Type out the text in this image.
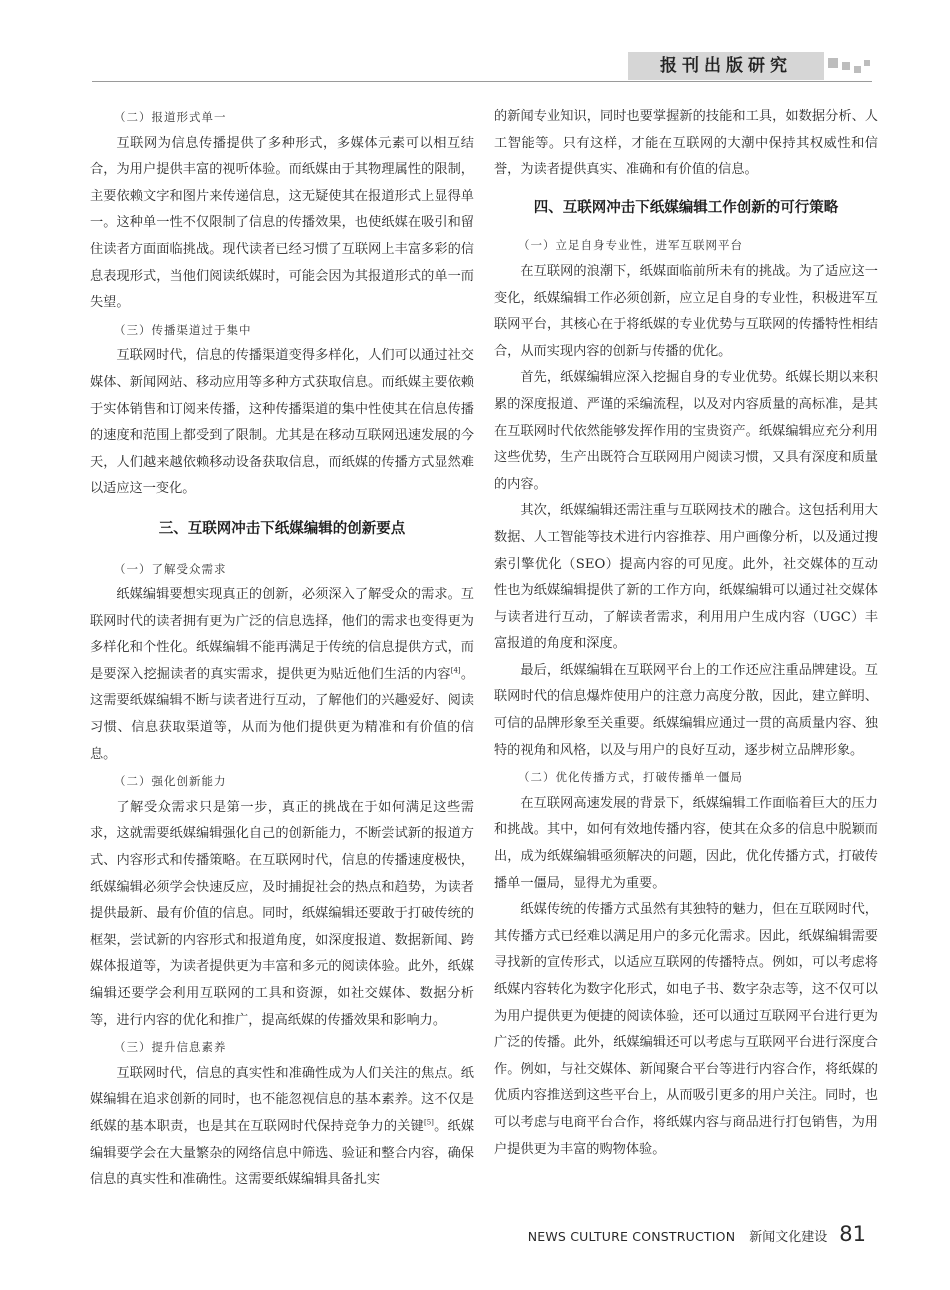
报刊出版研究

（二）报道形式单一

互联网为信息传播提供了多种形式，多媒体元素可以相互结合，为用户提供丰富的视听体验。而纸媒由于其物理属性的限制，主要依赖文字和图片来传递信息，这无疑使其在报道形式上显得单一。这种单一性不仅限制了信息的传播效果，也使纸媒在吸引和留住读者方面面临挑战。现代读者已经习惯了互联网上丰富多彩的信息表现形式，当他们阅读纸媒时，可能会因为其报道形式的单一而失望。

（三）传播渠道过于集中

互联网时代，信息的传播渠道变得多样化，人们可以通过社交媒体、新闻网站、移动应用等多种方式获取信息。而纸媒主要依赖于实体销售和订阅来传播，这种传播渠道的集中性使其在信息传播的速度和范围上都受到了限制。尤其是在移动互联网迅速发展的今天，人们越来越依赖移动设备获取信息，而纸媒的传播方式显然难以适应这一变化。

三、互联网冲击下纸媒编辑的创新要点

（一）了解受众需求

纸媒编辑要想实现真正的创新，必须深入了解受众的需求。互联网时代的读者拥有更为广泛的信息选择，他们的需求也变得更为多样化和个性化。纸媒编辑不能再满足于传统的信息提供方式，而是要深入挖掘读者的真实需求，提供更为贴近他们生活的内容[4]。这需要纸媒编辑不断与读者进行互动，了解他们的兴趣爱好、阅读习惯、信息获取渠道等，从而为他们提供更为精准和有价值的信息。

（二）强化创新能力

了解受众需求只是第一步，真正的挑战在于如何满足这些需求，这就需要纸媒编辑强化自己的创新能力，不断尝试新的报道方式、内容形式和传播策略。在互联网时代，信息的传播速度极快，纸媒编辑必须学会快速反应，及时捕捉社会的热点和趋势，为读者提供最新、最有价值的信息。同时，纸媒编辑还要敢于打破传统的框架，尝试新的内容形式和报道角度，如深度报道、数据新闻、跨媒体报道等，为读者提供更为丰富和多元的阅读体验。此外，纸媒编辑还要学会利用互联网的工具和资源，如社交媒体、数据分析等，进行内容的优化和推广，提高纸媒的传播效果和影响力。

（三）提升信息素养

互联网时代，信息的真实性和准确性成为人们关注的焦点。纸媒编辑在追求创新的同时，也不能忽视信息的基本素养。这不仅是纸媒的基本职责，也是其在互联网时代保持竞争力的关键[5]。纸媒编辑要学会在大量繁杂的网络信息中筛选、验证和整合内容，确保信息的真实性和准确性。这需要纸媒编辑具备扎实

的新闻专业知识，同时也要掌握新的技能和工具，如数据分析、人工智能等。只有这样，才能在互联网的大潮中保持其权威性和信誉，为读者提供真实、准确和有价值的信息。

四、互联网冲击下纸媒编辑工作创新的可行策略

（一）立足自身专业性，进军互联网平台

在互联网的浪潮下，纸媒面临前所未有的挑战。为了适应这一变化，纸媒编辑工作必须创新，应立足自身的专业性，积极进军互联网平台，其核心在于将纸媒的专业优势与互联网的传播特性相结合，从而实现内容的创新与传播的优化。

首先，纸媒编辑应深入挖掘自身的专业优势。纸媒长期以来积累的深度报道、严谨的采编流程，以及对内容质量的高标准，是其在互联网时代依然能够发挥作用的宝贵资产。纸媒编辑应充分利用这些优势，生产出既符合互联网用户阅读习惯，又具有深度和质量的内容。

其次，纸媒编辑还需注重与互联网技术的融合。这包括利用大数据、人工智能等技术进行内容推荐、用户画像分析，以及通过搜索引擎优化（SEO）提高内容的可见度。此外，社交媒体的互动性也为纸媒编辑提供了新的工作方向，纸媒编辑可以通过社交媒体与读者进行互动，了解读者需求，利用用户生成内容（UGC）丰富报道的角度和深度。

最后，纸媒编辑在互联网平台上的工作还应注重品牌建设。互联网时代的信息爆炸使用户的注意力高度分散，因此，建立鲜明、可信的品牌形象至关重要。纸媒编辑应通过一贯的高质量内容、独特的视角和风格，以及与用户的良好互动，逐步树立品牌形象。

（二）优化传播方式，打破传播单一僵局

在互联网高速发展的背景下，纸媒编辑工作面临着巨大的压力和挑战。其中，如何有效地传播内容，使其在众多的信息中脱颖而出，成为纸媒编辑亟须解决的问题，因此，优化传播方式，打破传播单一僵局，显得尤为重要。

纸媒传统的传播方式虽然有其独特的魅力，但在互联网时代，其传播方式已经难以满足用户的多元化需求。因此，纸媒编辑需要寻找新的宣传形式，以适应互联网的传播特点。例如，可以考虑将纸媒内容转化为数字化形式，如电子书、数字杂志等，这不仅可以为用户提供更为便捷的阅读体验，还可以通过互联网平台进行更为广泛的传播。此外，纸媒编辑还可以考虑与互联网平台进行深度合作。例如，与社交媒体、新闻聚合平台等进行内容合作，将纸媒的优质内容推送到这些平台上，从而吸引更多的用户关注。同时，也可以考虑与电商平台合作，将纸媒内容与商品进行打包销售，为用户提供更为丰富的购物体验。

NEWS CULTURE CONSTRUCTION 新闻文化建设 81
